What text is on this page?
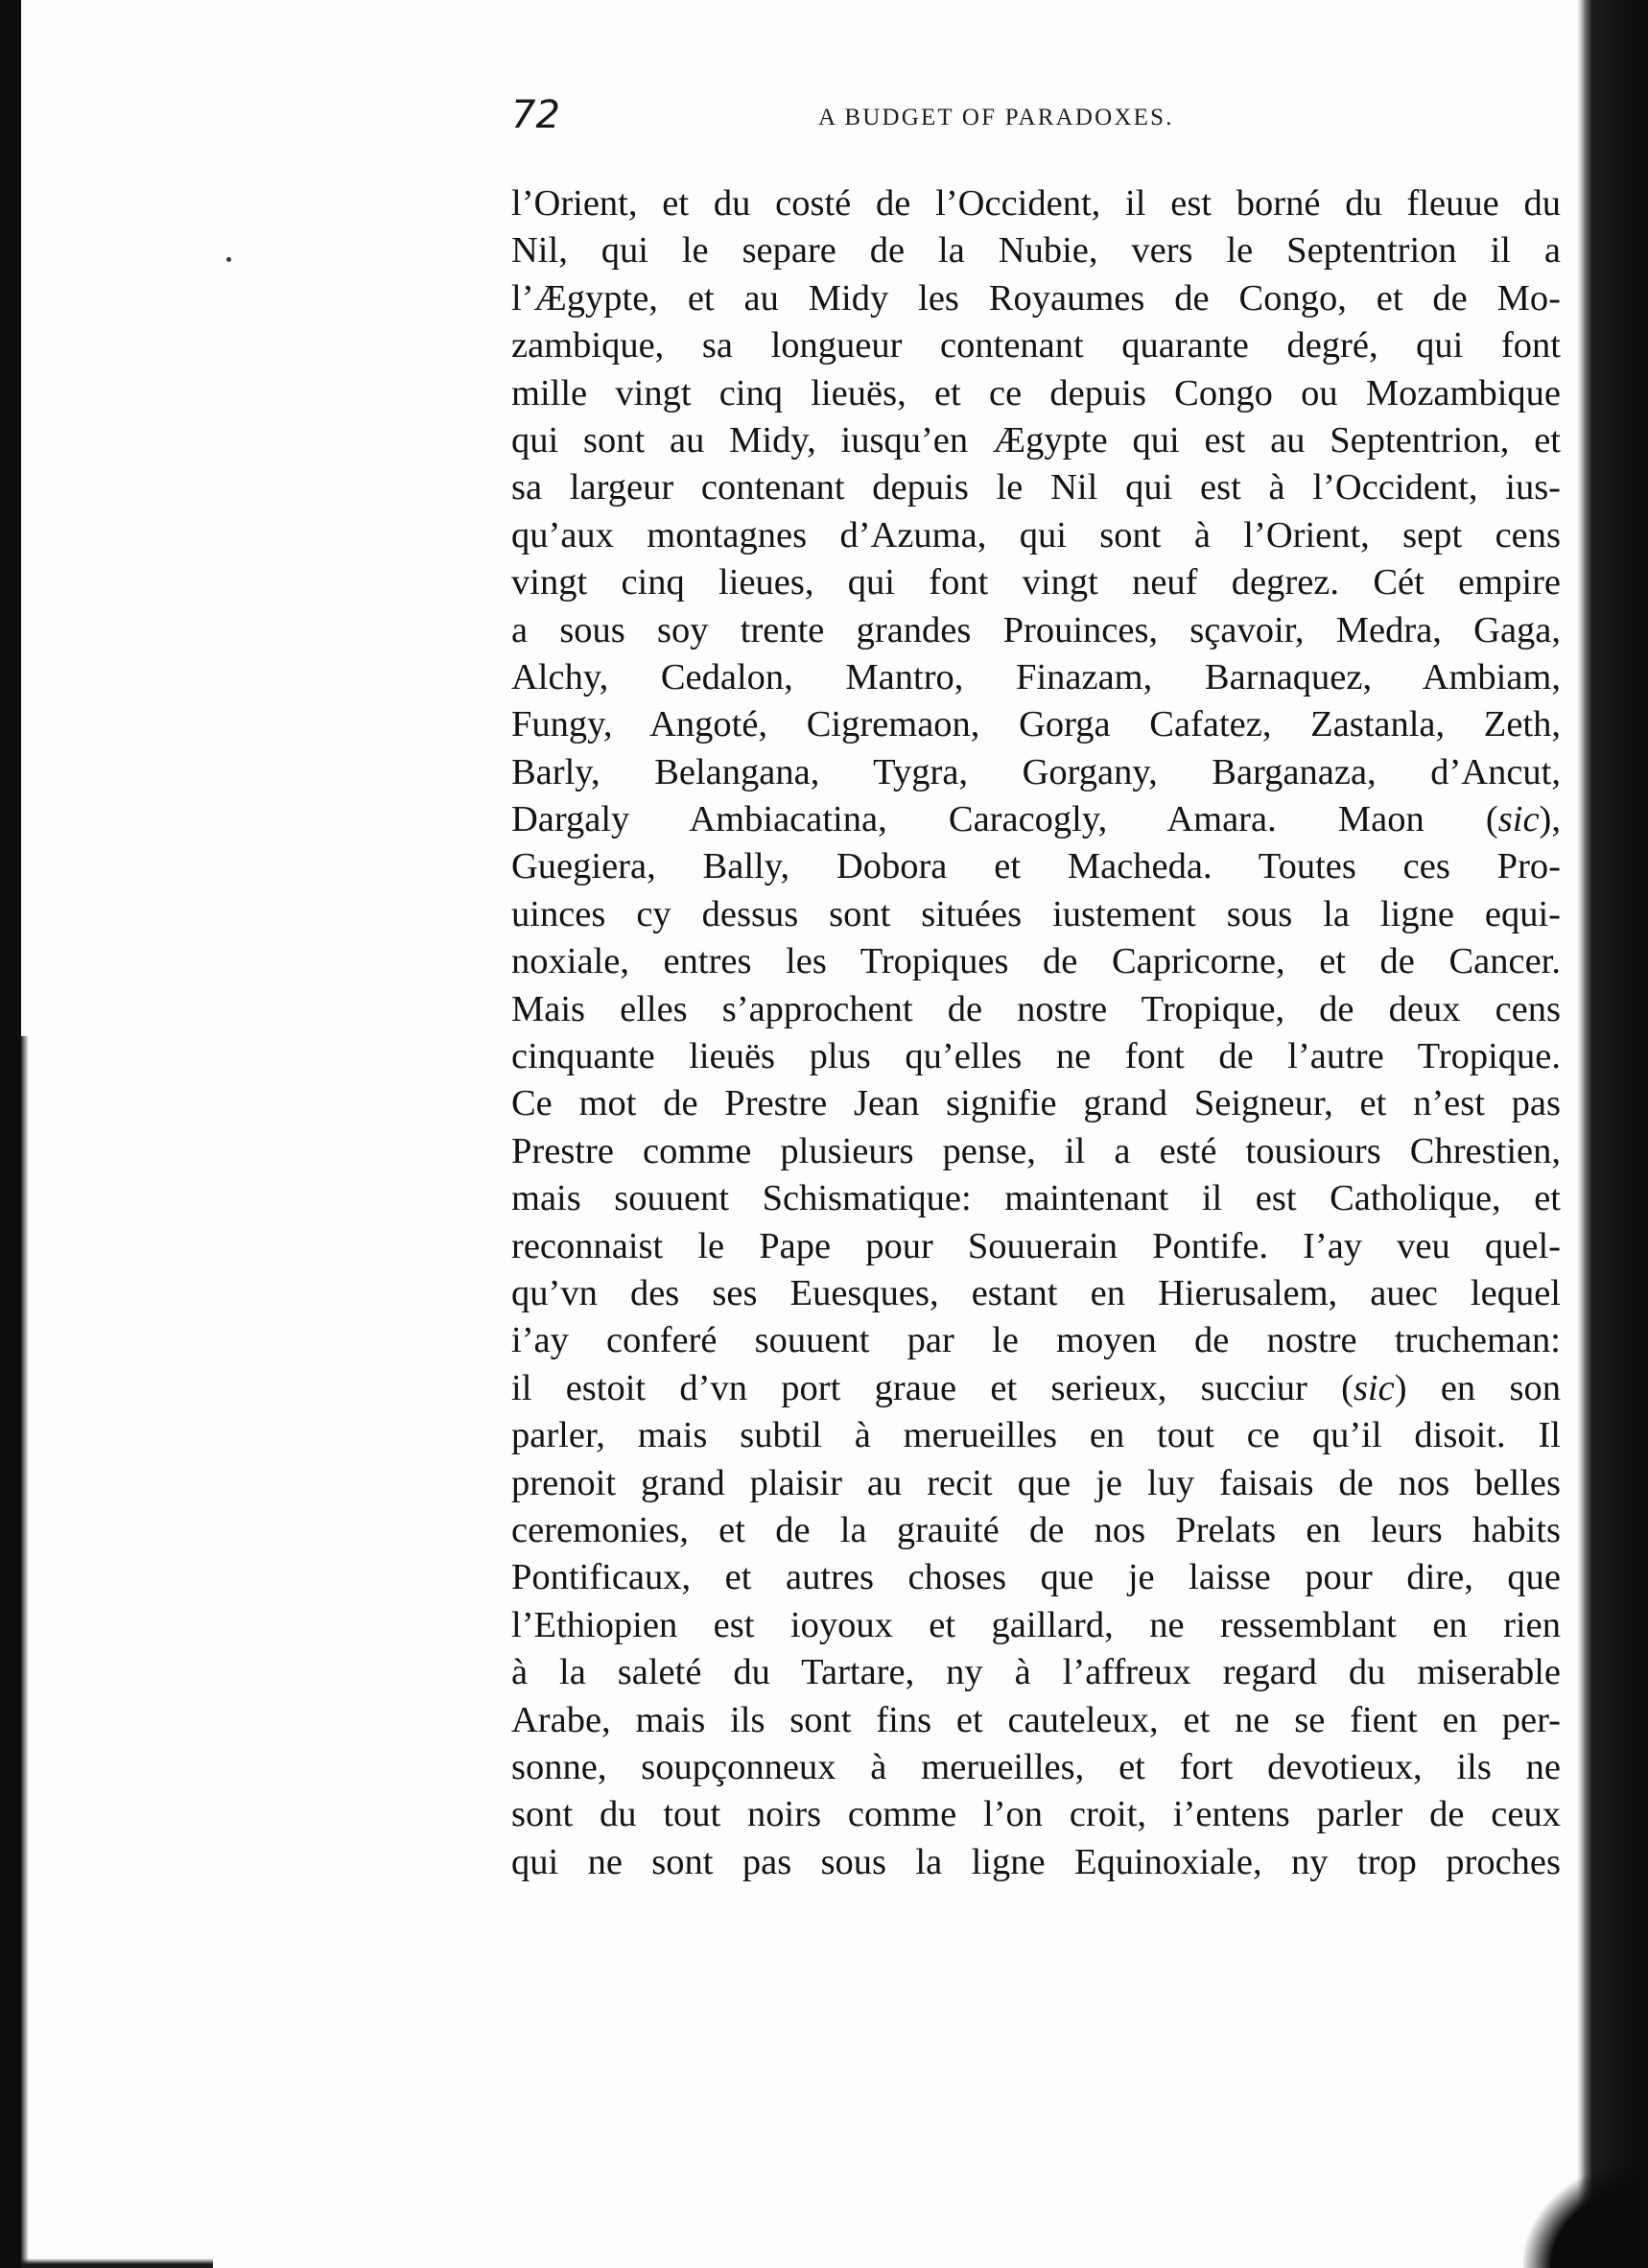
72	A BUDGET OF PARADOXES.
l’Orient, et du costé de l’Occident, il est borné du fleuue du
Nil, qui le separe de la Nubie, vers le Septentrion il a
l’Ægypte, et au Midy les Royaumes de Congo, et de Mo-
zambique, sa longueur contenant quarante degré, qui font
mille vingt cinq lieuës, et ce depuis Congo ou Mozambique
qui sont au Midy, iusqu’en Ægypte qui est au Septentrion, et
sa largeur contenant depuis le Nil qui est à l’Occident, ius-
qu’aux montagnes d’Azuma, qui sont à l’Orient, sept cens
vingt cinq lieues, qui font vingt neuf degrez. Cét empire
a sous soy trente grandes Prouinces, sçavoir, Medra, Gaga,
Alchy, Cedalon, Mantro, Finazam, Barnaquez, Ambiam,
Fungy, Angoté, Cigremaon, Gorga Cafatez, Zastanla, Zeth,
Barly, Belangana, Tygra, Gorgany, Barganaza, d’Ancut,
Dargaly Ambiacatina, Caracogly, Amara. Maon (sic),
Guegiera, Bally, Dobora et Macheda. Toutes ces Pro-
uinces cy dessus sont situées iustement sous la ligne equi-
noxiale, entres les Tropiques de Capricorne, et de Cancer.
Mais elles s’approchent de nostre Tropique, de deux cens
cinquante lieuës plus qu’elles ne font de l’autre Tropique.
Ce mot de Prestre Jean signifie grand Seigneur, et n’est pas
Prestre comme plusieurs pense, il a esté tousiours Chrestien,
mais souuent Schismatique: maintenant il est Catholique, et
reconnaist le Pape pour Souuerain Pontife. I’ay veu quel-
qu’vn des ses Euesques, estant en Hierusalem, auec lequel
i’ay conferé souuent par le moyen de nostre trucheman:
il estoit d’vn port graue et serieux, succiur (sic) en son
parler, mais subtil à merueilles en tout ce qu’il disoit. Il
prenoit grand plaisir au recit que je luy faisais de nos belles
ceremonies, et de la grauité de nos Prelats en leurs habits
Pontificaux, et autres choses que je laisse pour dire, que
l’Ethiopien est ioyoux et gaillard, ne ressemblant en rien
à la saleté du Tartare, ny à l’affreux regard du miserable
Arabe, mais ils sont fins et cauteleux, et ne se fient en per-
sonne, soupçonneux à merueilles, et fort devotieux, ils ne
sont du tout noirs comme l’on croit, i’entens parler de ceux
qui ne sont pas sous la ligne Equinoxiale, ny trop proches
